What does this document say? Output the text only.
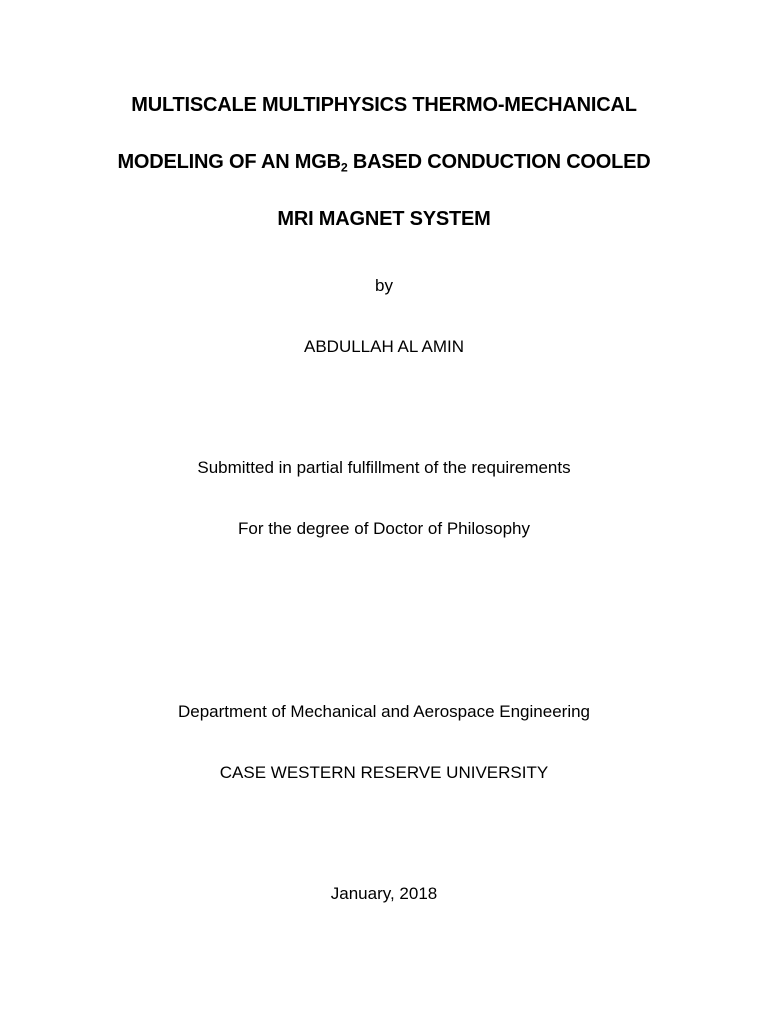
MULTISCALE MULTIPHYSICS THERMO-MECHANICAL
MODELING OF AN $MGB_2$ BASED CONDUCTION COOLED
MRI MAGNET SYSTEM
by
ABDULLAH AL AMIN
Submitted in partial fulfillment of the requirements
For the degree of Doctor of Philosophy
Department of Mechanical and Aerospace Engineering
CASE WESTERN RESERVE UNIVERSITY
January, 2018
